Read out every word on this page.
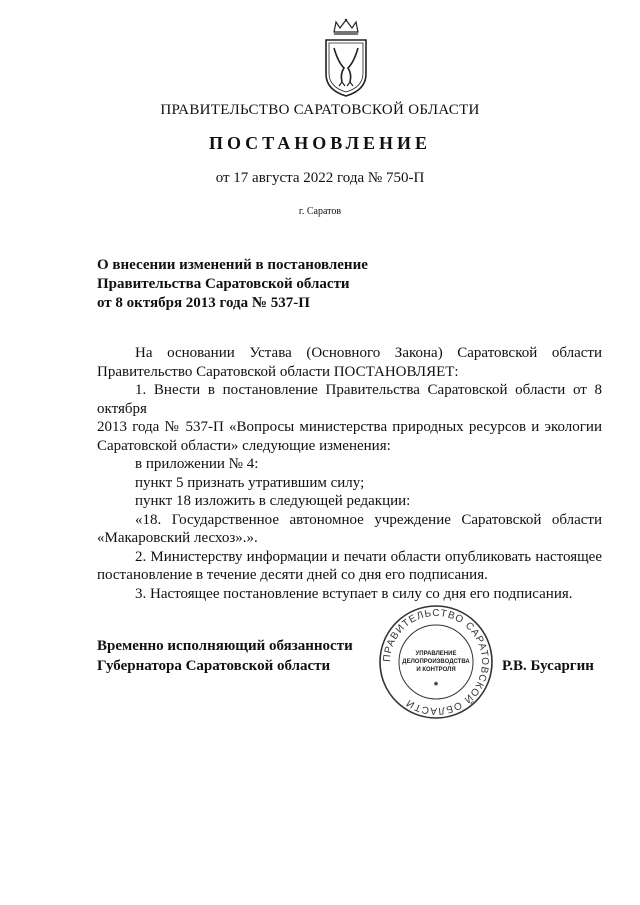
ПРАВИТЕЛЬСТВО САРАТОВСКОЙ ОБЛАСТИ
ПОСТАНОВЛЕНИЕ
от 17 августа 2022 года № 750-П
г. Саратов
О внесении изменений в постановление
Правительства Саратовской области
от 8 октября 2013 года № 537-П

На основании Устава (Основного Закона) Саратовской области

Правительство Саратовской области ПОСТАНОВЛЯЕТ:

1. Внести в постановление Правительства Саратовской области от 8 октября

2013 года № 537-П «Вопросы министерства природных ресурсов и экологии

Саратовской области» следующие изменения:

в приложении № 4:

пункт 5 признать утратившим силу;

пункт 18 изложить в следующей редакции:

«18. Государственное автономное учреждение Саратовской области

«Макаровский лесхоз».».

2. Министерству информации и печати области опубликовать настоящее

постановление в течение десяти дней со дня его подписания.

3. Настоящее постановление вступает в силу со дня его подписания.

Временно исполняющий обязанности
Губернатора Саратовской области
ПРАВИТЕЛЬСТВО САРАТОВСКОЙ ОБЛАСТИ
УПРАВЛЕНИЕ
ДЕЛОПРОИЗВОДСТВА
И КОНТРОЛЯ
*
Р.В. Бусаргин
